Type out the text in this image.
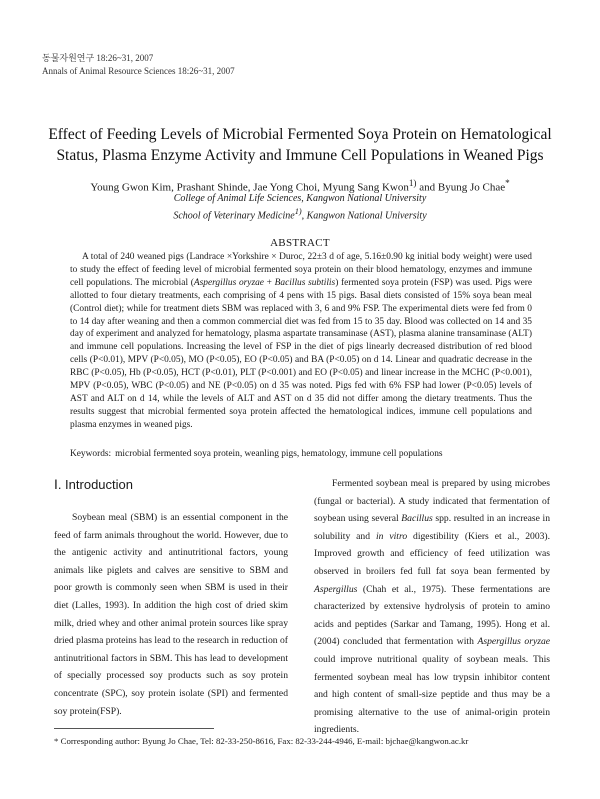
동물자원연구 18:26~31, 2007
Annals of Animal Resource Sciences 18:26~31, 2007
Effect of Feeding Levels of Microbial Fermented Soya Protein on Hematological
Status, Plasma Enzyme Activity and Immune Cell Populations in Weaned Pigs
Young Gwon Kim, Prashant Shinde, Jae Yong Choi, Myung Sang Kwon$^{1)}$ and Byung Jo Chae*
College of Animal Life Sciences, Kangwon National University
School of Veterinary Medicine$^{1)}$, Kangwon National University
ABSTRACT

A total of 240 weaned pigs (Landrace ×Yorkshire × Duroc, 22±3 d of age, 5.16±0.90 kg initial body weight) were used to study the effect of feeding level of microbial fermented soya protein on their blood hematology, enzymes and immune cell populations. The microbial (Aspergillus oryzae + Bacillus subtilis) fermented soya protein (FSP) was used. Pigs were allotted to four dietary treatments, each comprising of 4 pens with 15 pigs. Basal diets consisted of 15% soya bean meal (Control diet); while for treatment diets SBM was replaced with 3, 6 and 9% FSP. The experimental diets were fed from 0 to 14 day after weaning and then a common commercial diet was fed from 15 to 35 day. Blood was collected on 14 and 35 day of experiment and analyzed for hematology, plasma aspartate transaminase (AST), plasma alanine transaminase (ALT) and immune cell populations. Increasing the level of FSP in the diet of pigs linearly decreased distribution of red blood cells (P<0.01), MPV (P<0.05), MO (P<0.05), EO (P<0.05) and BA (P<0.05) on d 14. Linear and quadratic decrease in the RBC (P<0.05), Hb (P<0.05), HCT (P<0.01), PLT (P<0.001) and EO (P<0.05) and linear increase in the MCHC (P<0.001), MPV (P<0.05), WBC (P<0.05) and NE (P<0.05) on d 35 was noted. Pigs fed with 6% FSP had lower (P<0.05) levels of AST and ALT on d 14, while the levels of ALT and AST on d 35 did not differ among the dietary treatments. Thus the results suggest that microbial fermented soya protein affected the hematological indices, immune cell populations and plasma enzymes in weaned pigs.

Keywords: microbial fermented soya protein, weanling pigs, hematology, immune cell populations
Ⅰ. Introduction

Soybean meal (SBM) is an essential component in the feed of farm animals throughout the world. However, due to the antigenic activity and antinutritional factors, young animals like piglets and calves are sensitive to SBM and poor growth is commonly seen when SBM is used in their diet (Lalles, 1993). In addition the high cost of dried skim milk, dried whey and other animal protein sources like spray dried plasma proteins has lead to the research in reduction of antinutritional factors in SBM. This has lead to development of specially processed soy products such as soy protein concentrate (SPC), soy protein isolate (SPI) and fermented soy protein(FSP).

Fermented soybean meal is prepared by using microbes (fungal or bacterial). A study indicated that fermentation of soybean using several Bacillus spp. resulted in an increase in solubility and in vitro digestibility (Kiers et al., 2003). Improved growth and efficiency of feed utilization was observed in broilers fed full fat soya bean fermented by Aspergillus (Chah et al., 1975). These fermentations are characterized by extensive hydrolysis of protein to amino acids and peptides (Sarkar and Tamang, 1995). Hong et al. (2004) concluded that fermentation with Aspergillus oryzae could improve nutritional quality of soybean meals. This fermented soybean meal has low trypsin inhibitor content and high content of small-size peptide and thus may be a promising alternative to the use of animal-origin protein ingredients.

* Corresponding author: Byung Jo Chae, Tel: 82-33-250-8616, Fax: 82-33-244-4946, E-mail: bjchae@kangwon.ac.kr
